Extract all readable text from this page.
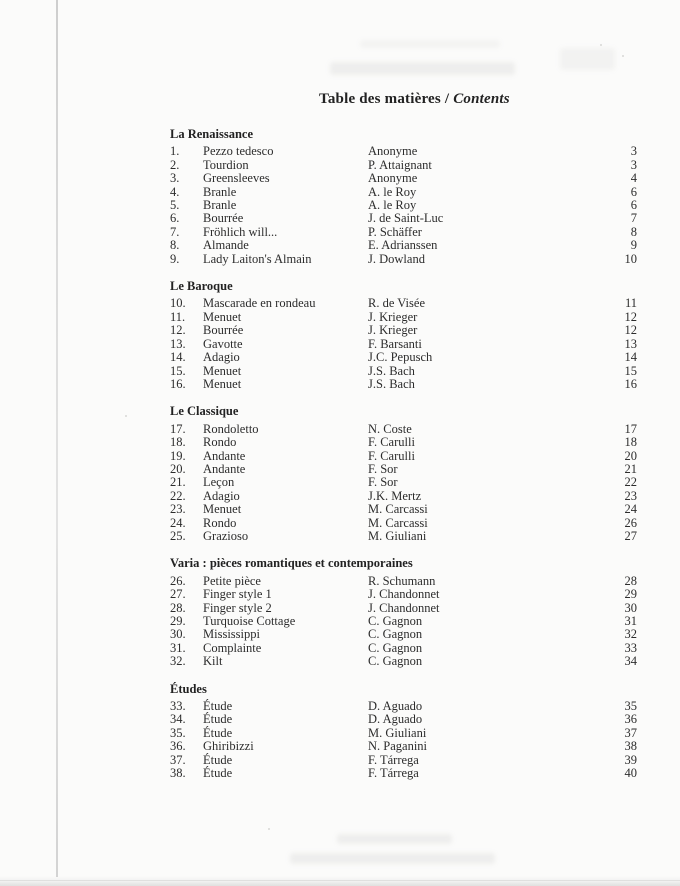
Table des matières / Contents
La Renaissance
1.	Pezzo tedesco	Anonyme	3
2.	Tourdion	P. Attaignant	3
3.	Greensleeves	Anonyme	4
4.	Branle	A. le Roy	6
5.	Branle	A. le Roy	6
6.	Bourrée	J. de Saint-Luc	7
7.	Fröhlich will...	P. Schäffer	8
8.	Almande	E. Adrianssen	9
9.	Lady Laiton's Almain	J. Dowland	10
Le Baroque
10.	Mascarade en rondeau	R. de Visée	11
11.	Menuet	J. Krieger	12
12.	Bourrée	J. Krieger	12
13.	Gavotte	F. Barsanti	13
14.	Adagio	J.C. Pepusch	14
15.	Menuet	J.S. Bach	15
16.	Menuet	J.S. Bach	16
Le Classique
17.	Rondoletto	N. Coste	17
18.	Rondo	F. Carulli	18
19.	Andante	F. Carulli	20
20.	Andante	F. Sor	21
21.	Leçon	F. Sor	22
22.	Adagio	J.K. Mertz	23
23.	Menuet	M. Carcassi	24
24.	Rondo	M. Carcassi	26
25.	Grazioso	M. Giuliani	27
Varia : pièces romantiques et contemporaines
26.	Petite pièce	R. Schumann	28
27.	Finger style 1	J. Chandonnet	29
28.	Finger style 2	J. Chandonnet	30
29.	Turquoise Cottage	C. Gagnon	31
30.	Mississippi	C. Gagnon	32
31.	Complainte	C. Gagnon	33
32.	Kilt	C. Gagnon	34
Études
33.	Étude	D. Aguado	35
34.	Étude	D. Aguado	36
35.	Étude	M. Giuliani	37
36.	Ghiribizzi	N. Paganini	38
37.	Étude	F. Tárrega	39
38.	Étude	F. Tárrega	40
